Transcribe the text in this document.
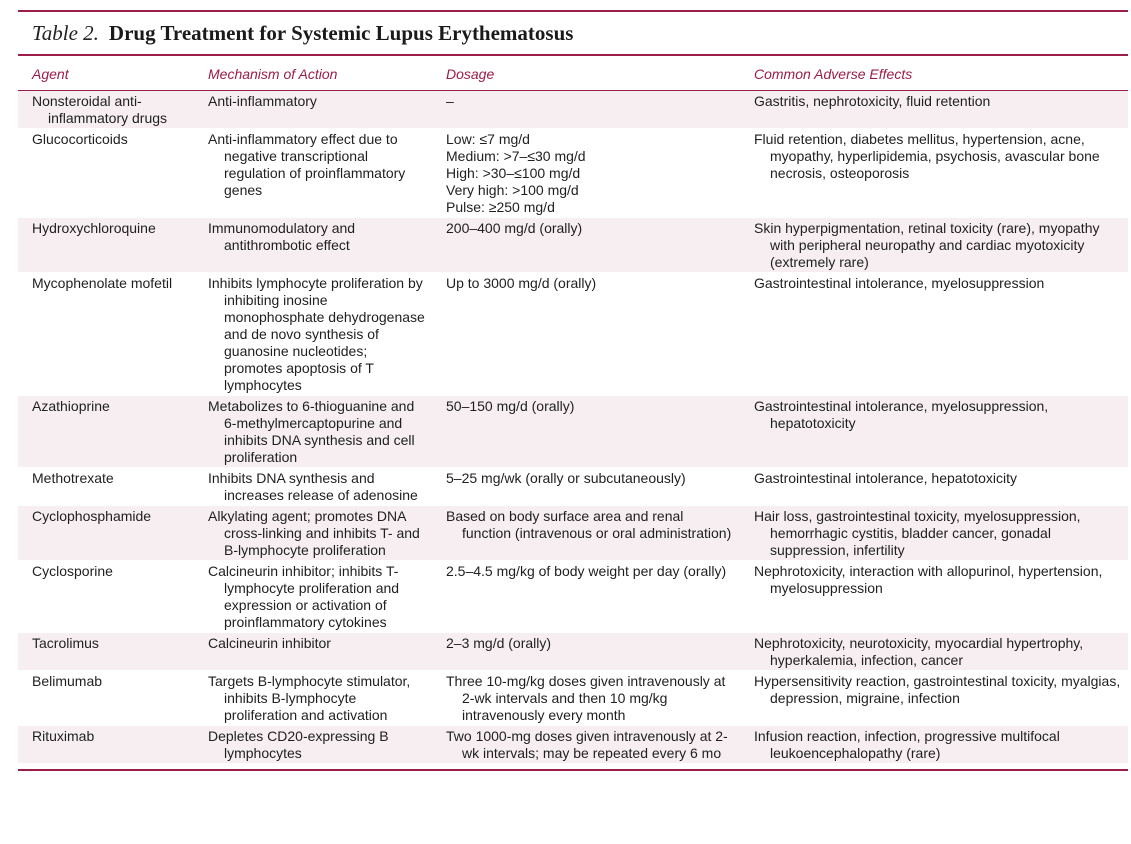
Table 2. Drug Treatment for Systemic Lupus Erythematosus
Agent	Mechanism of Action	Dosage	Common Adverse Effects

Nonsteroidal anti-inflammatory drugs	Anti-inflammatory	–	Gastritis, nephrotoxicity, fluid retention

Glucocorticoids	Anti-inflammatory effect due to negative transcriptional regulation of proinflammatory genes	Low: ≤7 mg/d
Medium: >7–≤30 mg/d
High: >30–≤100 mg/d
Very high: >100 mg/d
Pulse: ≥250 mg/d	Fluid retention, diabetes mellitus, hypertension, acne, myopathy, hyperlipidemia, psychosis, avascular bone necrosis, osteoporosis

Hydroxychloroquine	Immunomodulatory and antithrombotic effect	200–400 mg/d (orally)	Skin hyperpigmentation, retinal toxicity (rare), myopathy with peripheral neuropathy and cardiac myotoxicity (extremely rare)

Mycophenolate mofetil	Inhibits lymphocyte proliferation by inhibiting inosine monophosphate dehydrogenase and de novo synthesis of guanosine nucleotides; promotes apoptosis of T lymphocytes	Up to 3000 mg/d (orally)	Gastrointestinal intolerance, myelosuppression

Azathioprine	Metabolizes to 6-thioguanine and 6-methylmercaptopurine and inhibits DNA synthesis and cell proliferation	50–150 mg/d (orally)	Gastrointestinal intolerance, myelosuppression, hepatotoxicity

Methotrexate	Inhibits DNA synthesis and increases release of adenosine	5–25 mg/wk (orally or subcutaneously)	Gastrointestinal intolerance, hepatotoxicity

Cyclophosphamide	Alkylating agent; promotes DNA cross-linking and inhibits T- and B-lymphocyte proliferation	Based on body surface area and renal function (intravenous or oral administration)	Hair loss, gastrointestinal toxicity, myelosuppression, hemorrhagic cystitis, bladder cancer, gonadal suppression, infertility

Cyclosporine	Calcineurin inhibitor; inhibits T-lymphocyte proliferation and expression or activation of proinflammatory cytokines	2.5–4.5 mg/kg of body weight per day (orally)	Nephrotoxicity, interaction with allopurinol, hypertension, myelosuppression

Tacrolimus	Calcineurin inhibitor	2–3 mg/d (orally)	Nephrotoxicity, neurotoxicity, myocardial hypertrophy, hyperkalemia, infection, cancer

Belimumab	Targets B-lymphocyte stimulator, inhibits B-lymphocyte proliferation and activation	Three 10-mg/kg doses given intravenously at 2-wk intervals and then 10 mg/kg intravenously every month	Hypersensitivity reaction, gastrointestinal toxicity, myalgias, depression, migraine, infection

Rituximab	Depletes CD20-expressing B lymphocytes	Two 1000-mg doses given intravenously at 2-wk intervals; may be repeated every 6 mo	Infusion reaction, infection, progressive multifocal leukoencephalopathy (rare)
